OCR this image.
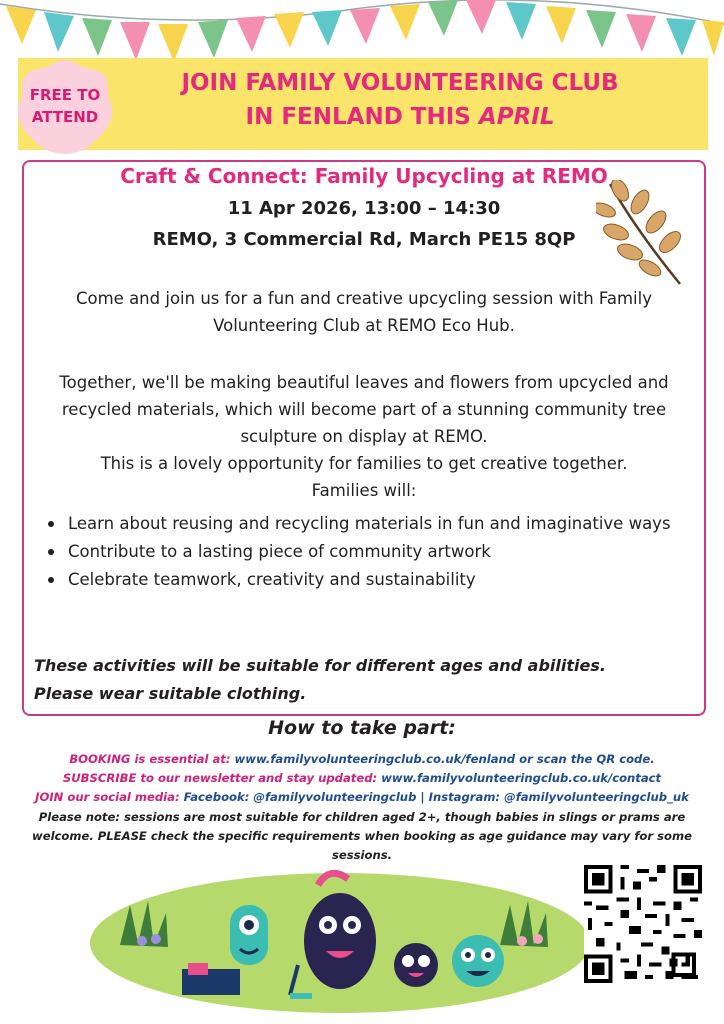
JOIN FAMILY VOLUNTEERING CLUB
IN FENLAND THIS APRIL
FREE TO
ATTEND
Craft & Connect: Family Upcycling at REMO
11 Apr 2026, 13:00 – 14:30
REMO, 3 Commercial Rd, March PE15 8QP
Come and join us for a fun and creative upcycling session with Family Volunteering Club at REMO Eco Hub.
Together, we'll be making beautiful leaves and flowers from upcycled and recycled materials, which will become part of a stunning community tree sculpture on display at REMO.
This is a lovely opportunity for families to get creative together.
Families will:
Learn about reusing and recycling materials in fun and imaginative ways
Contribute to a lasting piece of community artwork
Celebrate teamwork, creativity and sustainability
These activities will be suitable for different ages and abilities.
Please wear suitable clothing.
How to take part:
BOOKING is essential at: www.familyvolunteeringclub.co.uk/fenland or scan the QR code.
SUBSCRIBE to our newsletter and stay updated: www.familyvolunteeringclub.co.uk/contact
JOIN our social media: Facebook: @familyvolunteeringclub | Instagram: @familyvolunteeringclub_uk
Please note: sessions are most suitable for children aged 2+, though babies in slings or prams are welcome. PLEASE check the specific requirements when booking as age guidance may vary for some sessions.
